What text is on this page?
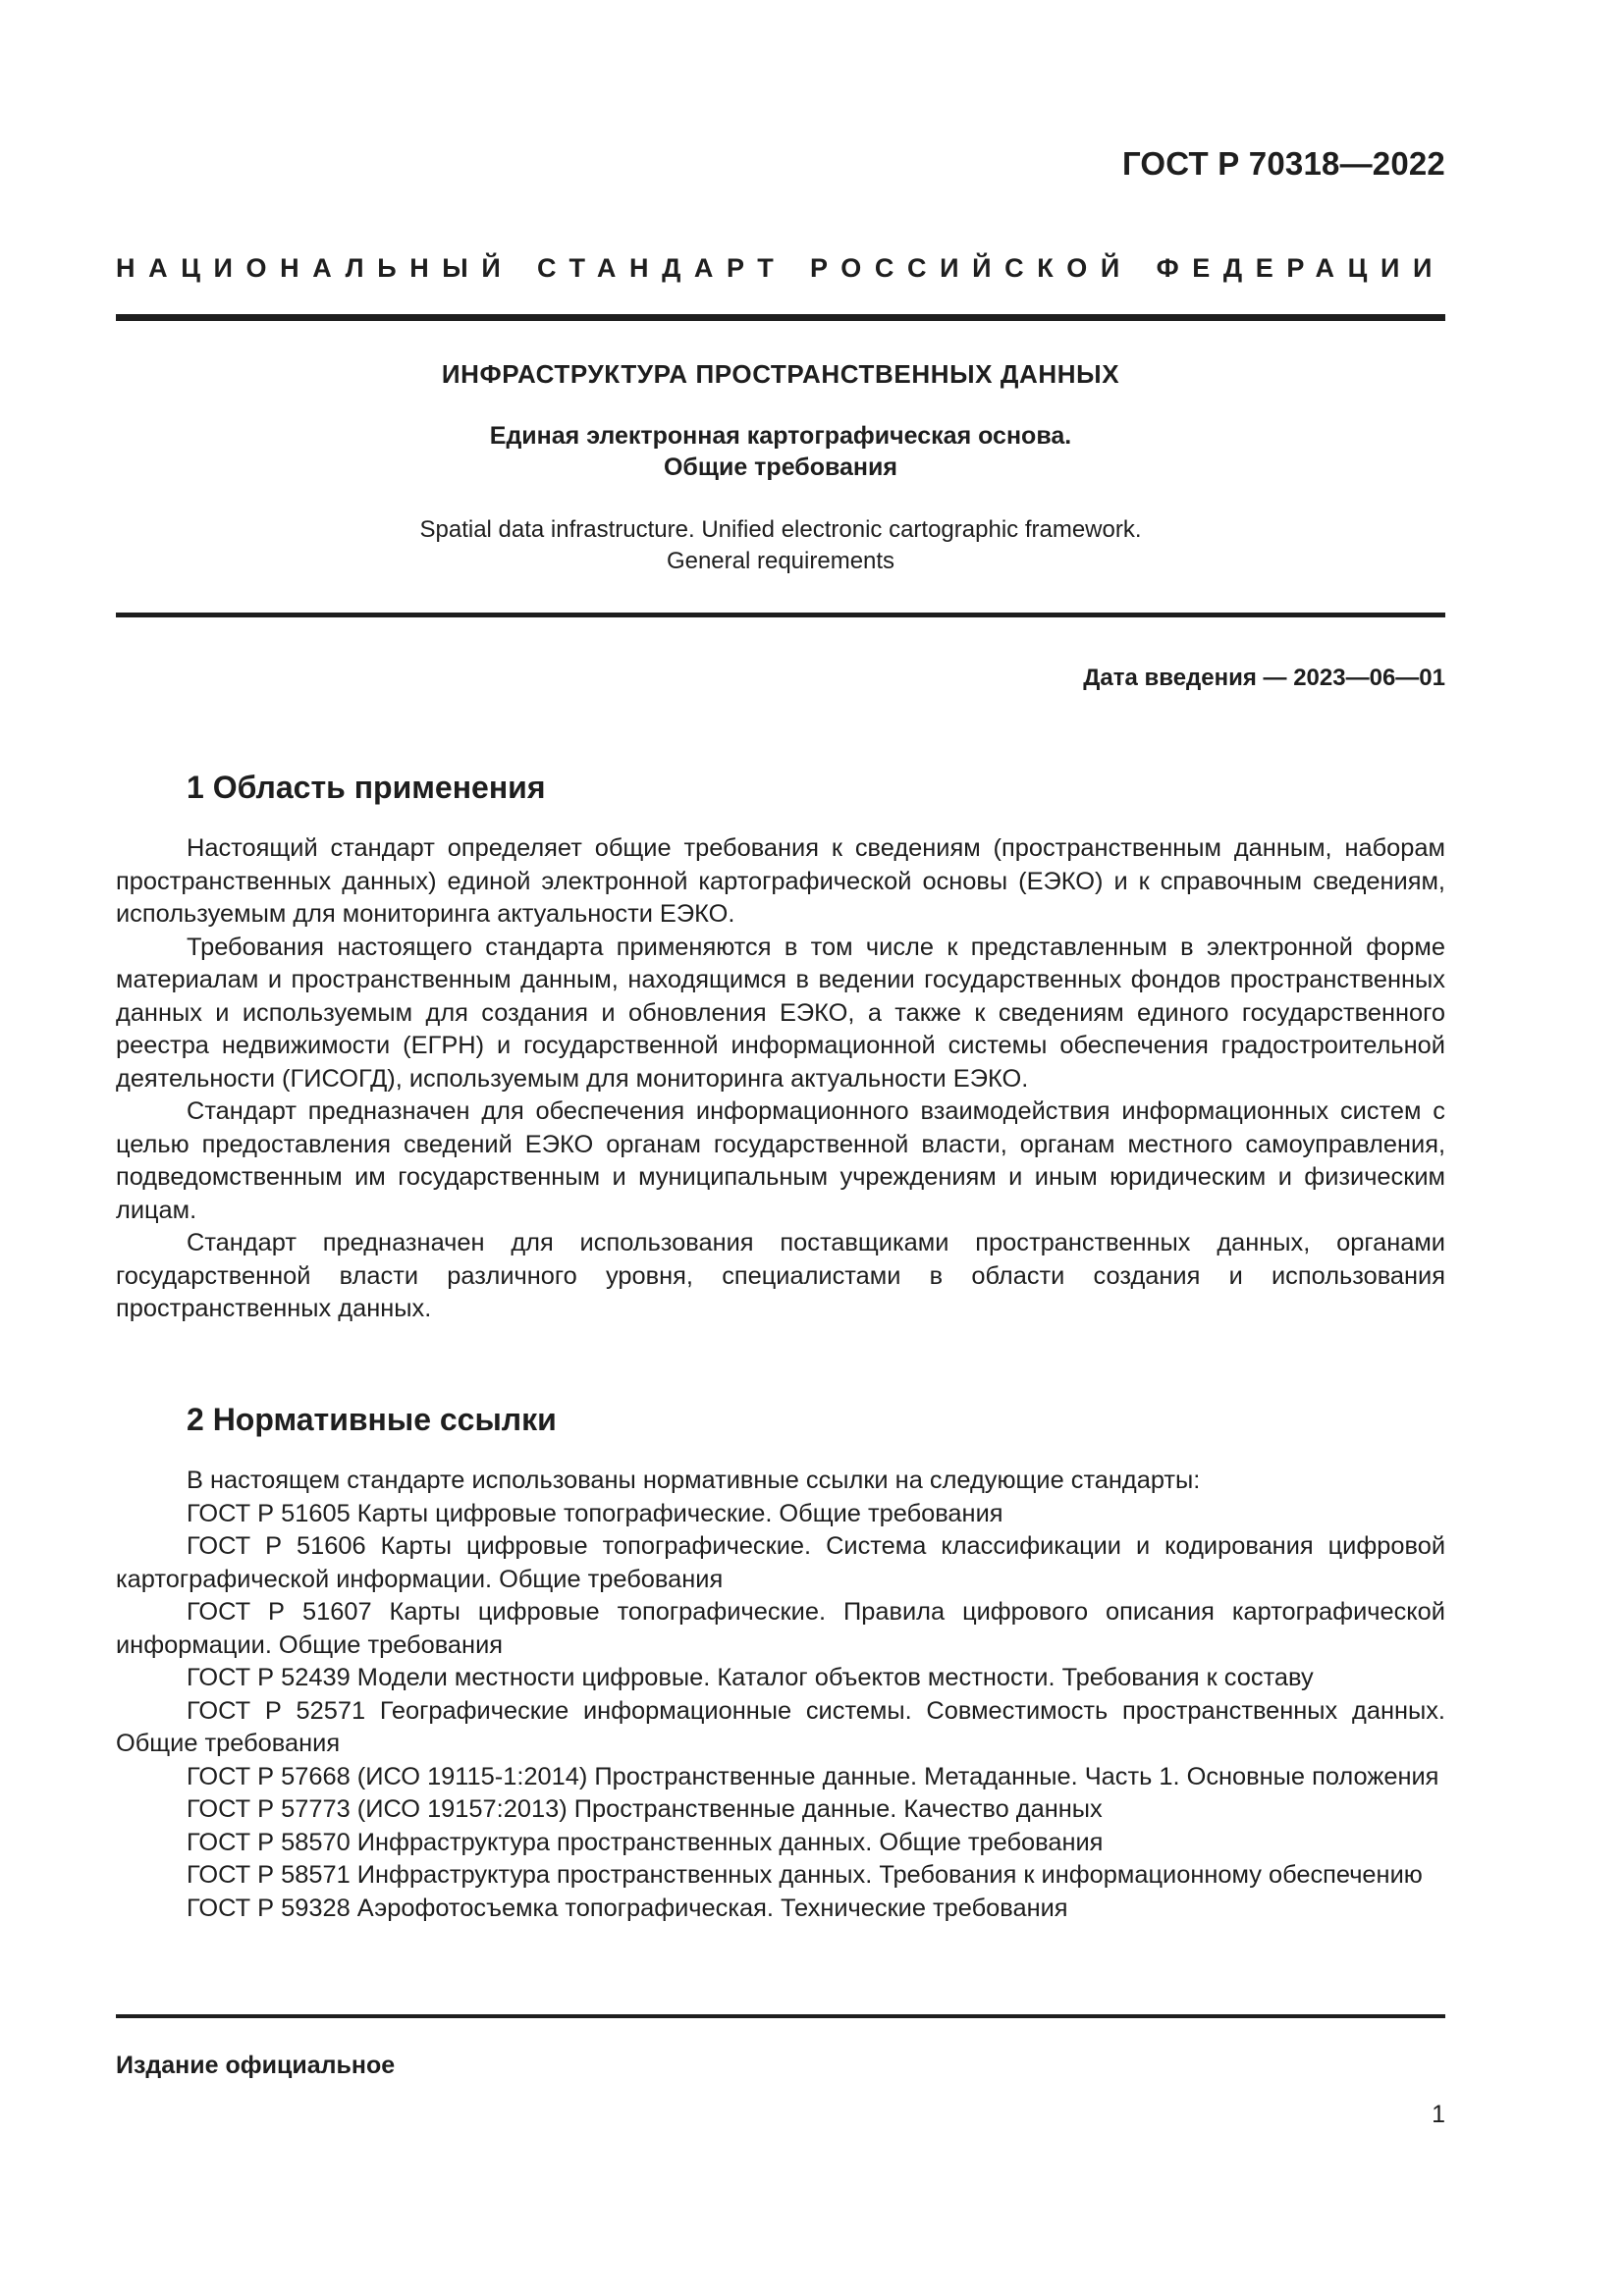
ГОСТ Р 70318—2022
НАЦИОНАЛЬНЫЙ СТАНДАРТ РОССИЙСКОЙ ФЕДЕРАЦИИ
ИНФРАСТРУКТУРА ПРОСТРАНСТВЕННЫХ ДАННЫХ
Единая электронная картографическая основа.
Общие требования
Spatial data infrastructure. Unified electronic cartographic framework.
General requirements
Дата введения — 2023—06—01
1 Область применения

Настоящий стандарт определяет общие требования к сведениям (пространственным данным, наборам пространственных данных) единой электронной картографической основы (ЕЭКО) и к справочным сведениям, используемым для мониторинга актуальности ЕЭКО.

Требования настоящего стандарта применяются в том числе к представленным в электронной форме материалам и пространственным данным, находящимся в ведении государственных фондов пространственных данных и используемым для создания и обновления ЕЭКО, а также к сведениям единого государственного реестра недвижимости (ЕГРН) и государственной информационной системы обеспечения градостроительной деятельности (ГИСОГД), используемым для мониторинга актуальности ЕЭКО.

Стандарт предназначен для обеспечения информационного взаимодействия информационных систем с целью предоставления сведений ЕЭКО органам государственной власти, органам местного самоуправления, подведомственным им государственным и муниципальным учреждениям и иным юридическим и физическим лицам.

Стандарт предназначен для использования поставщиками пространственных данных, органами государственной власти различного уровня, специалистами в области создания и использования пространственных данных.

2 Нормативные ссылки

В настоящем стандарте использованы нормативные ссылки на следующие стандарты:

ГОСТ Р 51605 Карты цифровые топографические. Общие требования

ГОСТ Р 51606 Карты цифровые топографические. Система классификации и кодирования цифровой картографической информации. Общие требования

ГОСТ Р 51607 Карты цифровые топографические. Правила цифрового описания картографической информации. Общие требования

ГОСТ Р 52439 Модели местности цифровые. Каталог объектов местности. Требования к составу

ГОСТ Р 52571 Географические информационные системы. Совместимость пространственных данных. Общие требования

ГОСТ Р 57668 (ИСО 19115-1:2014) Пространственные данные. Метаданные. Часть 1. Основные положения

ГОСТ Р 57773 (ИСО 19157:2013) Пространственные данные. Качество данных

ГОСТ Р 58570 Инфраструктура пространственных данных. Общие требования

ГОСТ Р 58571 Инфраструктура пространственных данных. Требования к информационному обеспечению

ГОСТ Р 59328 Аэрофотосъемка топографическая. Технические требования

Издание официальное
1
